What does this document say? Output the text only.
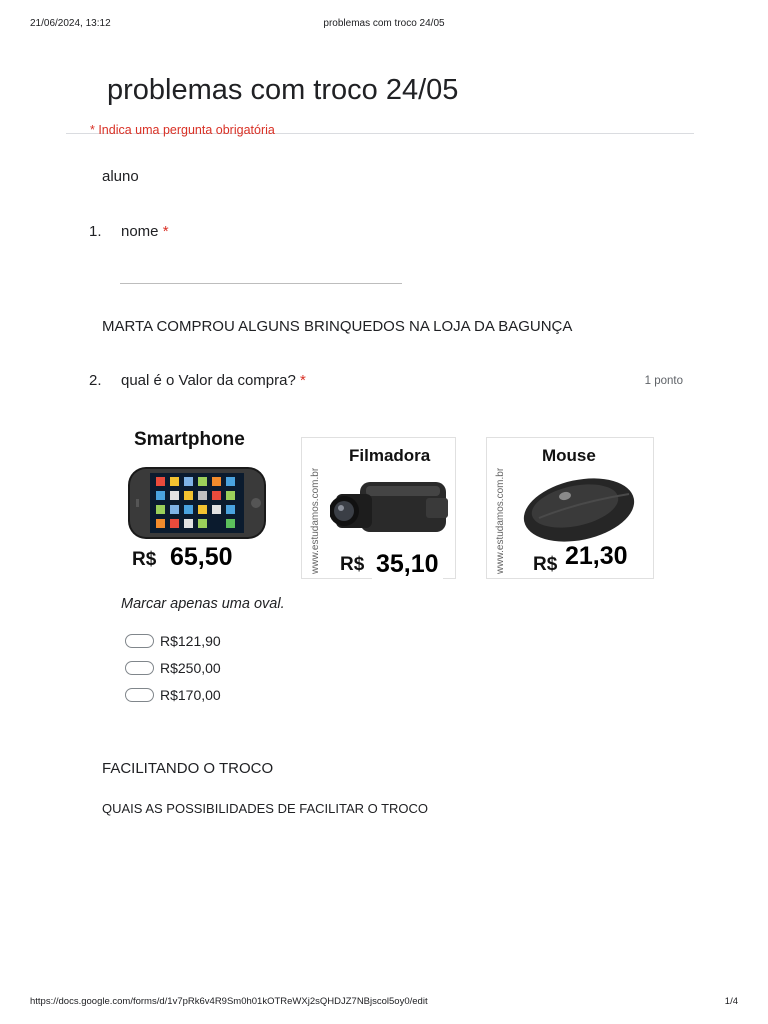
21/06/2024, 13:12	problemas com troco 24/05
problemas com troco 24/05
* Indica uma pergunta obrigatória
aluno
1. nome *
MARTA COMPROU ALGUNS BRINQUEDOS NA LOJA DA BAGUNÇA
2. qual é o Valor da compra? *	1 ponto
Smartphone
R$ 65,50	www.estudamos.com.br
Filmadora
R$ 35,10	www.estudamos.com.br
Mouse
R$ 21,30
Marcar apenas uma oval.
R$121,90
R$250,00
R$170,00
FACILITANDO O TROCO
QUAIS AS POSSIBILIDADES DE FACILITAR O TROCO
https://docs.google.com/forms/d/1v7pRk6v4R9Sm0h01kOTReWXj2sQHDJZ7NBjscol5oy0/edit	1/4
